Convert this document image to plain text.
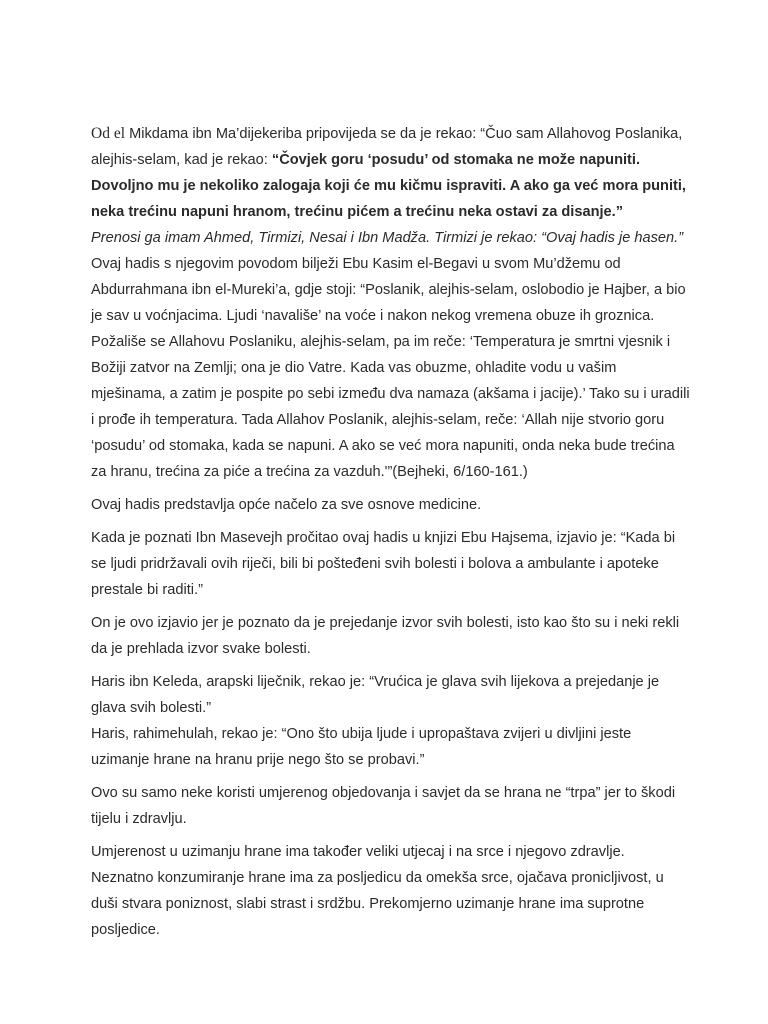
Od el Mikdama ibn Ma’dijekeriba pripovijeda se da je rekao: “Čuo sam Allahovog Poslanika, alejhis-selam, kad je rekao: “Čovjek goru ‘posudu’ od stomaka ne može napuniti. Dovoljno mu je nekoliko zalogaja koji će mu kičmu ispraviti. A ako ga već mora puniti, neka trećinu napuni hranom, trećinu pićem a trećinu neka ostavi za disanje.”
Prenosi ga imam Ahmed, Tirmizi, Nesai i Ibn Madža. Tirmizi je rekao: “Ovaj hadis je hasen.”
Ovaj hadis s njegovim povodom bilježi Ebu Kasim el-Begavi u svom Mu’džemu od Abdurrahmana ibn el-Mureki’a, gdje stoji: “Poslanik, alejhis-selam, oslobodio je Hajber, a bio je sav u voćnjacima. Ljudi ‘navališe’ na voće i nakon nekog vremena obuze ih groznica. Požališe se Allahovu Poslaniku, alejhis-selam, pa im reče: ‘Temperatura je smrtni vjesnik i Božiji zatvor na Zemlji; ona je dio Vatre. Kada vas obuzme, ohladite vodu u vašim mješinama, a zatim je pospite po sebi između dva namaza (akšama i jacije).’ Tako su i uradili i prođe ih temperatura. Tada Allahov Poslanik, alejhis-selam, reče: ‘Allah nije stvorio goru ‘posudu’ od stomaka, kada se napuni. A ako se već mora napuniti, onda neka bude trećina za hranu, trećina za piće a trećina za vazduh.'”(Bejheki, 6/160-161.)

Ovaj hadis predstavlja opće načelo za sve osnove medicine.

Kada je poznati Ibn Masevejh pročitao ovaj hadis u knjizi Ebu Hajsema, izjavio je: “Kada bi se ljudi pridržavali ovih riječi, bili bi pošteđeni svih bolesti i bolova a ambulante i apoteke prestale bi raditi.”

On je ovo izjavio jer je poznato da je prejedanje izvor svih bolesti, isto kao što su i neki rekli da je prehlada izvor svake bolesti.

Haris ibn Keleda, arapski liječnik, rekao je: “Vrućica je glava svih lijekova a prejedanje je glava svih bolesti.”
Haris, rahimehulah, rekao je: “Ono što ubija ljude i upropaštava zvijeri u divljini jeste uzimanje hrane na hranu prije nego što se probavi.”

Ovo su samo neke koristi umjerenog objedovanja i savjet da se hrana ne “trpa” jer to škodi tijelu i zdravlju.

Umjerenost u uzimanju hrane ima također veliki utjecaj i na srce i njegovo zdravlje. Neznatno konzumiranje hrane ima za posljedicu da omekša srce, ojačava pronicljivost, u duši stvara poniznost, slabi strast i srdžbu. Prekomjerno uzimanje hrane ima suprotne posljedice.
